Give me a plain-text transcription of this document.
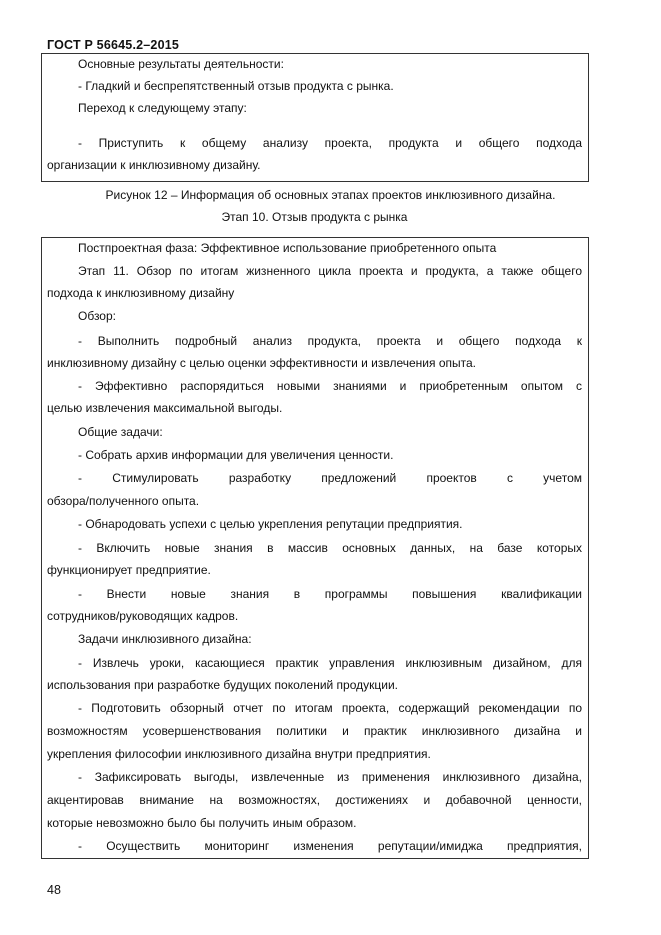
ГОСТ Р 56645.2–2015
Основные результаты деятельности:
- Гладкий и беспрепятственный отзыв продукта с рынка.
Переход к следующему этапу:
- Приступить к общему анализу проекта, продукта и общего подхода
организации к инклюзивному дизайну.
Рисунок 12 – Информация об основных этапах проектов инклюзивного дизайна.
Этап 10. Отзыв продукта с рынка
Постпроектная фаза: Эффективное использование приобретенного опыта
Этап 11. Обзор по итогам жизненного цикла проекта и продукта, а также общего
подхода к инклюзивному дизайну
Обзор:
- Выполнить подробный анализ продукта, проекта и общего подхода к
инклюзивному дизайну с целью оценки эффективности и извлечения опыта.
- Эффективно распорядиться новыми знаниями и приобретенным опытом с
целью извлечения максимальной выгоды.
Общие задачи:
- Собрать архив информации для увеличения ценности.
- Стимулировать разработку предложений проектов с учетом
обзора/полученного опыта.
- Обнародовать успехи с целью укрепления репутации предприятия.
- Включить новые знания в массив основных данных, на базе которых
функционирует предприятие.
- Внести новые знания в программы повышения квалификации
сотрудников/руководящих кадров.
Задачи инклюзивного дизайна:
- Извлечь уроки, касающиеся практик управления инклюзивным дизайном, для
использования при разработке будущих поколений продукции.
- Подготовить обзорный отчет по итогам проекта, содержащий рекомендации по
возможностям усовершенствования политики и практик инклюзивного дизайна и
укрепления философии инклюзивного дизайна внутри предприятия.
- Зафиксировать выгоды, извлеченные из применения инклюзивного дизайна,
акцентировав внимание на возможностях, достижениях и добавочной ценности,
которые невозможно было бы получить иным образом.
- Осуществить мониторинг изменения репутации/имиджа предприятия,
48
